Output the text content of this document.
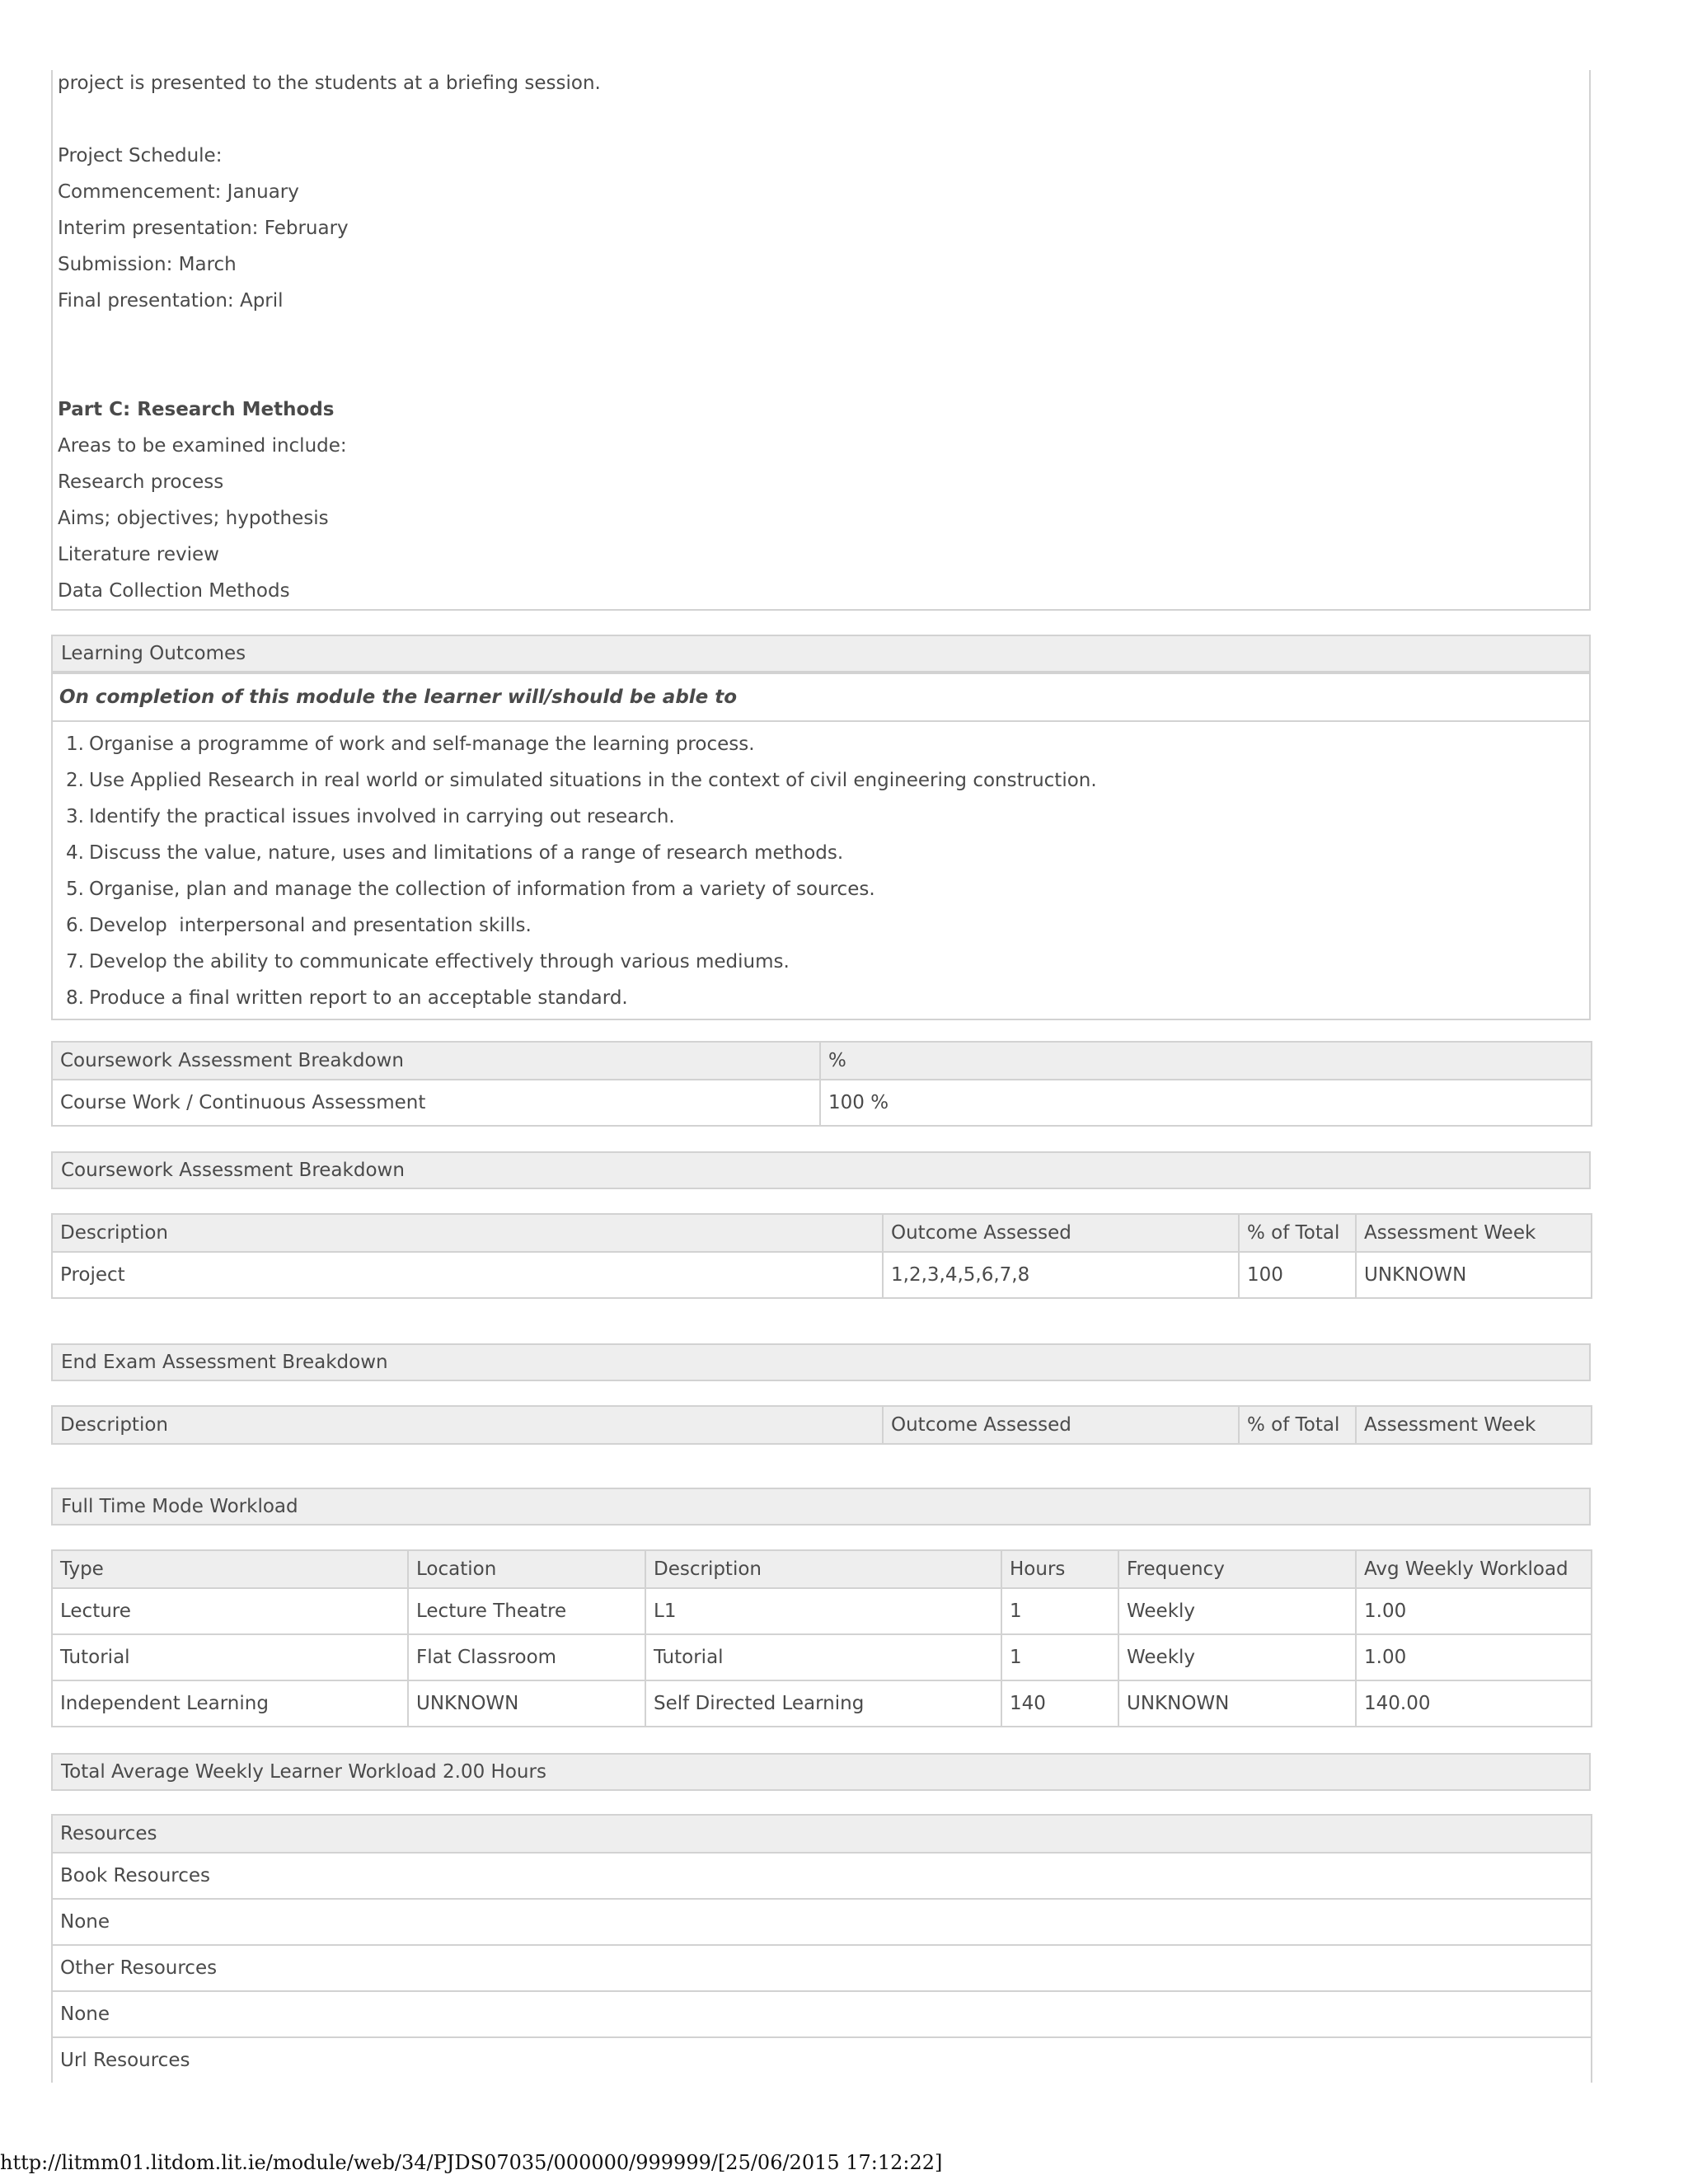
project is presented to the students at a briefing session.
Project Schedule:
Commencement: January
Interim presentation: February
Submission: March
Final presentation: April
Part C: Research Methods
Areas to be examined include:
Research process
Aims; objectives; hypothesis
Literature review
Data Collection Methods
Learning Outcomes
On completion of this module the learner will/should be able to
1. Organise a programme of work and self-manage the learning process.
2. Use Applied Research in real world or simulated situations in the context of civil engineering construction.
3. Identify the practical issues involved in carrying out research.
4. Discuss the value, nature, uses and limitations of a range of research methods.
5. Organise, plan and manage the collection of information from a variety of sources.
6. Develop  interpersonal and presentation skills.
7. Develop the ability to communicate effectively through various mediums.
8. Produce a final written report to an acceptable standard.
Coursework Assessment Breakdown	%
Course Work / Continuous Assessment	100 %
Coursework Assessment Breakdown
Description	Outcome Assessed	% of Total	Assessment Week
Project	1,2,3,4,5,6,7,8	100	UNKNOWN
End Exam Assessment Breakdown
Description	Outcome Assessed	% of Total	Assessment Week
Full Time Mode Workload
Type	Location	Description	Hours	Frequency	Avg Weekly Workload
Lecture	Lecture Theatre	L1	1	Weekly	1.00
Tutorial	Flat Classroom	Tutorial	1	Weekly	1.00
Independent Learning	UNKNOWN	Self Directed Learning	140	UNKNOWN	140.00
Total Average Weekly Learner Workload 2.00 Hours
Resources
Book Resources
None
Other Resources
None
Url Resources
http://litmm01.litdom.lit.ie/module/web/34/PJDS07035/000000/999999/[25/06/2015 17:12:22]
